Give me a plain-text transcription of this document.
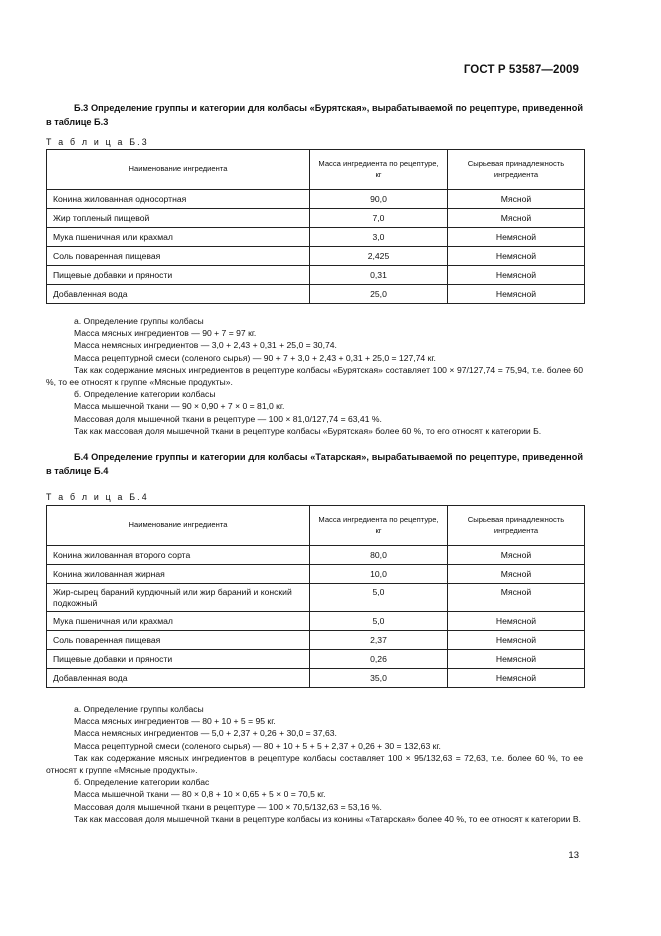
ГОСТ Р 53587—2009
Б.3 Определение группы и категории для колбасы «Бурятская», вырабатываемой по рецептуре, приведенной в таблице Б.3
Т а б л и ц а Б.3
Наименование ингредиента	Масса ингредиента по рецептуре, кг	Сырьевая принадлежность ингредиента
Конина жилованная односортная	90,0	Мясной
Жир топленый пищевой	7,0	Мясной
Мука пшеничная или крахмал	3,0	Немясной
Соль поваренная пищевая	2,425	Немясной
Пищевые добавки и пряности	0,31	Немясной
Добавленная вода	25,0	Немясной

а. Определение группы колбасы

Масса мясных ингредиентов — 90 + 7 = 97 кг.

Масса немясных ингредиентов — 3,0 + 2,43 + 0,31 + 25,0 = 30,74.

Масса рецептурной смеси (соленого сырья) — 90 + 7 + 3,0 + 2,43 + 0,31 + 25,0 = 127,74 кг.

Так как содержание мясных ингредиентов в рецептуре колбасы «Бурятская» составляет 100 × 97/127,74 = 75,94, т.е. более 60 %, то ее относят к группе «Мясные продукты».

б. Определение категории колбасы

Масса мышечной ткани — 90 × 0,90 + 7 × 0 = 81,0 кг.

Массовая доля мышечной ткани в рецептуре — 100 × 81,0/127,74 = 63,41 %.

Так как массовая доля мышечной ткани в рецептуре колбасы «Бурятская» более 60 %, то его относят к категории Б.

Б.4 Определение группы и категории для колбасы «Татарская», вырабатываемой по рецептуре, приведенной в таблице Б.4
Т а б л и ц а Б.4
Наименование ингредиента	Масса ингредиента по рецептуре, кг	Сырьевая принадлежность ингредиента
Конина жилованная второго сорта	80,0	Мясной
Конина жилованная жирная	10,0	Мясной
Жир-сырец бараний курдючный или жир бараний и конский подкожный	5,0	Мясной
Мука пшеничная или крахмал	5,0	Немясной
Соль поваренная пищевая	2,37	Немясной
Пищевые добавки и пряности	0,26	Немясной
Добавленная вода	35,0	Немясной

а. Определение группы колбасы

Масса мясных ингредиентов — 80 + 10 + 5 = 95 кг.

Масса немясных ингредиентов — 5,0 + 2,37 + 0,26 + 30,0 = 37,63.

Масса рецептурной смеси (соленого сырья) — 80 + 10 + 5 + 5 + 2,37 + 0,26 + 30 = 132,63 кг.

Так как содержание мясных ингредиентов в рецептуре колбасы составляет 100 × 95/132,63 = 72,63, т.е. более 60 %, то ее относят к группе «Мясные продукты».

б. Определение категории колбас

Масса мышечной ткани — 80 × 0,8 + 10 × 0,65 + 5 × 0 = 70,5 кг.

Массовая доля мышечной ткани в рецептуре — 100 × 70,5/132,63 = 53,16 %.

Так как массовая доля мышечной ткани в рецептуре колбасы из конины «Татарская» более 40 %, то ее относят к категории В.

13
